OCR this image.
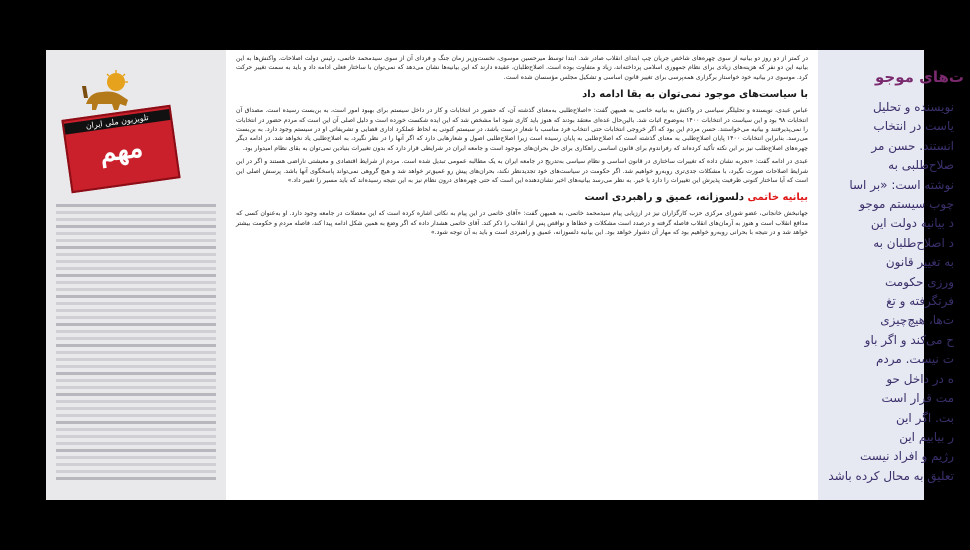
تلویزیون ملی ایران
مهم

در کمتر از دو روز دو بیانیه از سوی چهره‌های شاخص جریان چپ ابتدای انقلاب صادر شد. ابتدا توسط میرحسین موسوی، نخست‌وزیر زمان جنگ و فردای آن از سوی سیدمحمد خاتمی، رئیس دولت اصلاحات. واکنش‌ها به این بیانیه این دو نفر که هزینه‌های زیادی برای نظام جمهوری اسلامی پرداخته‌اند، زیاد و متفاوت بوده است. اصلاح‌طلبان، عقیده دارند که این بیانیه‌ها نشان می‌دهد که نمی‌توان با ساختار فعلی ادامه داد و باید به سمت تغییر حرکت کرد. موسوی در بیانیه خود خواستار برگزاری همه‌پرسی برای تغییر قانون اساسی و تشکیل مجلس مؤسسان شده است.

با سیاست‌های موجود نمی‌توان به بقا ادامه داد

عباس عبدی، نویسنده و تحلیلگر سیاسی در واکنش به بیانیه خاتمی به همیهن گفت: «اصلاح‌طلبی به‌معنای گذشته آن، که حضور در انتخابات و کار در داخل سیستم برای بهبود امور است، به بن‌بست رسیده است. مصداق آن انتخابات ۹۸ بود و این سیاست در انتخابات ۱۴۰۰ به‌وضوح اثبات شد. بالین‌حال عده‌ای معتقد بودند که هنوز باید کاری شود اما مشخص شد که این ایده شکست خورده است و دلیل اصلی آن این است که مردم حضور در انتخابات را نمی‌پذیرفتند و بیانیه می‌خواستند. حسن مردم این بود که اگر خروجی انتخابات حتی انتخاب فرد مناسب با شعار درست باشد، در سیستم کنونی به لحاظ عملکرد اداری قضایی و تشریفاتی او در سیستم وجود دارد. به بن‌بست می‌رسد. بنابراین انتخابات ۱۴۰۰ پایان اصلاح‌طلبی به معنای گذشته است که اصلاح‌طلبی به پایان رسیده است زیرا اصلاح‌طلبی اصول و شعارهایی دارد که اگر آنها را در نظر نگیرد، به اصلاح‌طلبی یاد نخواهد شد. در ادامه دیگر چهره‌های اصلاح‌طلب نیز بر این نکته تأکید کرده‌اند که رفراندوم برای قانون اساسی راهکاری برای حل بحران‌های موجود است و جامعه ایران در شرایطی قرار دارد که بدون تغییرات بنیادین نمی‌توان به بقای نظام امیدوار بود.

عبدی در ادامه گفت: «تجربه نشان داده که تغییرات ساختاری در قانون اساسی و نظام سیاسی به‌تدریج در جامعه ایران به یک مطالبه عمومی تبدیل شده است. مردم از شرایط اقتصادی و معیشتی ناراضی هستند و اگر در این شرایط اصلاحات صورت نگیرد، با مشکلات جدی‌تری روبه‌رو خواهیم شد. اگر حکومت در سیاست‌های خود تجدیدنظر نکند، بحران‌های پیش رو عمیق‌تر خواهد شد و هیچ گروهی نمی‌تواند پاسخگوی آنها باشد. پرسش اصلی این است که آیا ساختار کنونی ظرفیت پذیرش این تغییرات را دارد یا خیر. به نظر می‌رسد بیانیه‌های اخیر نشان‌دهنده این است که حتی چهره‌های درون نظام نیز به این نتیجه رسیده‌اند که باید مسیر را تغییر داد.»

بیانیه خاتمی دلسوزانه، عمیق و راهبردی است

جهانبخش خانجانی، عضو شورای مرکزی حزب کارگزاران نیز در ارزیابی پیام سیدمحمد خاتمی، به همیهن گفت: «آقای خاتمی در این پیام به نکاتی اشاره کرده است که این معضلات در جامعه وجود دارد. او به‌عنوان کسی که مدافع انقلاب است و هنوز به آرمان‌های انقلاب فاصله گرفته و درصدد است مشکلات و خطاها و نواقص پس از انقلاب را ذکر کند. آقای خاتمی هشدار داده که اگر وضع به همین شکل ادامه پیدا کند، فاصله مردم و حکومت بیشتر خواهد شد و در نتیجه با بحرانی روبه‌رو خواهیم بود که مهار آن دشوار خواهد بود. این بیانیه دلسوزانه، عمیق و راهبردی است و باید به آن توجه شود.»

ت‌های موجو
نویسنده و تحلیل
یاست در انتخاب
انستند. حسن مر
صلاح‌طلبی به
نوشته است: «بر اسا
چوب سیستم موجو
د بیانیه دولت این
د اصلاح‌طلبان به
به تغییر قانون
ورزی حکومت
فرتگرفته و تغ
ت‌ها، هیچ‌چیزی
ح می‌کند و اگر باو
ت نیست. مردم
ه در داخل حو
مت قرار است
بت. اگر این
ر بیابیم این
رژیم و افراد نیست
تعلیق به محال کرده باشد
